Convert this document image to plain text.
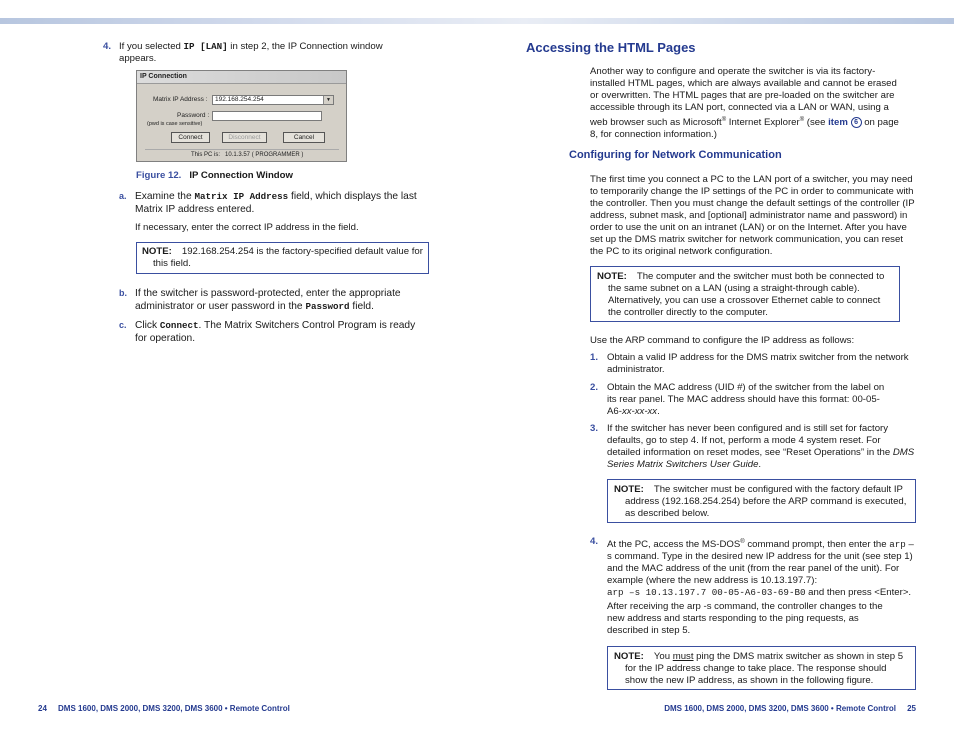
4. If you selected IP [LAN] in step 2, the IP Connection window appears.

IP Connection
Matrix IP Address :	192.168.254.254	▼
Password :
(pwd is case sensitive)
Connect	Disconnect	Cancel
This PC is: 10.1.3.57 ( PROGRAMMER )
Figure 12. IP Connection Window
a. Examine the Matrix IP Address field, which displays the last Matrix IP address entered.

If necessary, enter the correct IP address in the field.
NOTE: 192.168.254.254 is the factory-specified default value for this field.
b. If the switcher is password-protected, enter the appropriate administrator or user password in the Password field.

c. Click Connect. The Matrix Switchers Control Program is ready for operation.

Accessing the HTML Pages
Another way to configure and operate the switcher is via its factory-installed HTML pages, which are always available and cannot be erased or overwritten. The HTML pages that are pre-loaded on the switcher are accessible through its LAN port, connected via a LAN or WAN, using a web browser such as Microsoft® Internet Explorer® (see item 6 on page 8, for connection information.)
Configuring for Network Communication
The first time you connect a PC to the LAN port of a switcher, you may need to temporarily change the IP settings of the PC in order to communicate with the controller. Then you must change the default settings of the controller (IP address, subnet mask, and [optional] administrator name and password) in order to use the unit on an intranet (LAN) or on the Internet. After you have set up the DMS matrix switcher for network communication, you can reset the PC to its original network configuration.
NOTE: The computer and the switcher must both be connected to the same subnet on a LAN (using a straight-through cable). Alternatively, you can use a crossover Ethernet cable to connect the controller directly to the computer.
Use the ARP command to configure the IP address as follows:
1. Obtain a valid IP address for the DMS matrix switcher from the network administrator.

2. Obtain the MAC address (UID #) of the switcher from the label on its rear panel. The MAC address should have this format: 00-05-A6-xx-xx-xx.

3. If the switcher has never been configured and is still set for factory defaults, go to step 4. If not, perform a mode 4 system reset. For detailed information on reset modes, see “Reset Operations” in the DMS Series Matrix Switchers User Guide.

NOTE: The switcher must be configured with the factory default IP address (192.168.254.254) before the ARP command is executed, as described below.
4. At the PC, access the MS-DOS® command prompt, then enter the arp –s command. Type in the desired new IP address for the unit (see step 1) and the MAC address of the unit (from the rear panel of the unit). For example (where the new address is 10.13.197.7):

arp –s 10.13.197.7 00-05-A6-03-69-B0 and then press <Enter>.

After receiving the arp -s command, the controller changes to the new address and starts responding to the ping requests, as described in step 5.
NOTE: You must ping the DMS matrix switcher as shown in step 5 for the IP address change to take place. The response should show the new IP address, as shown in the following figure.
24 DMS 1600, DMS 2000, DMS 3200, DMS 3600 • Remote Control	DMS 1600, DMS 2000, DMS 3200, DMS 3600 • Remote Control 25
